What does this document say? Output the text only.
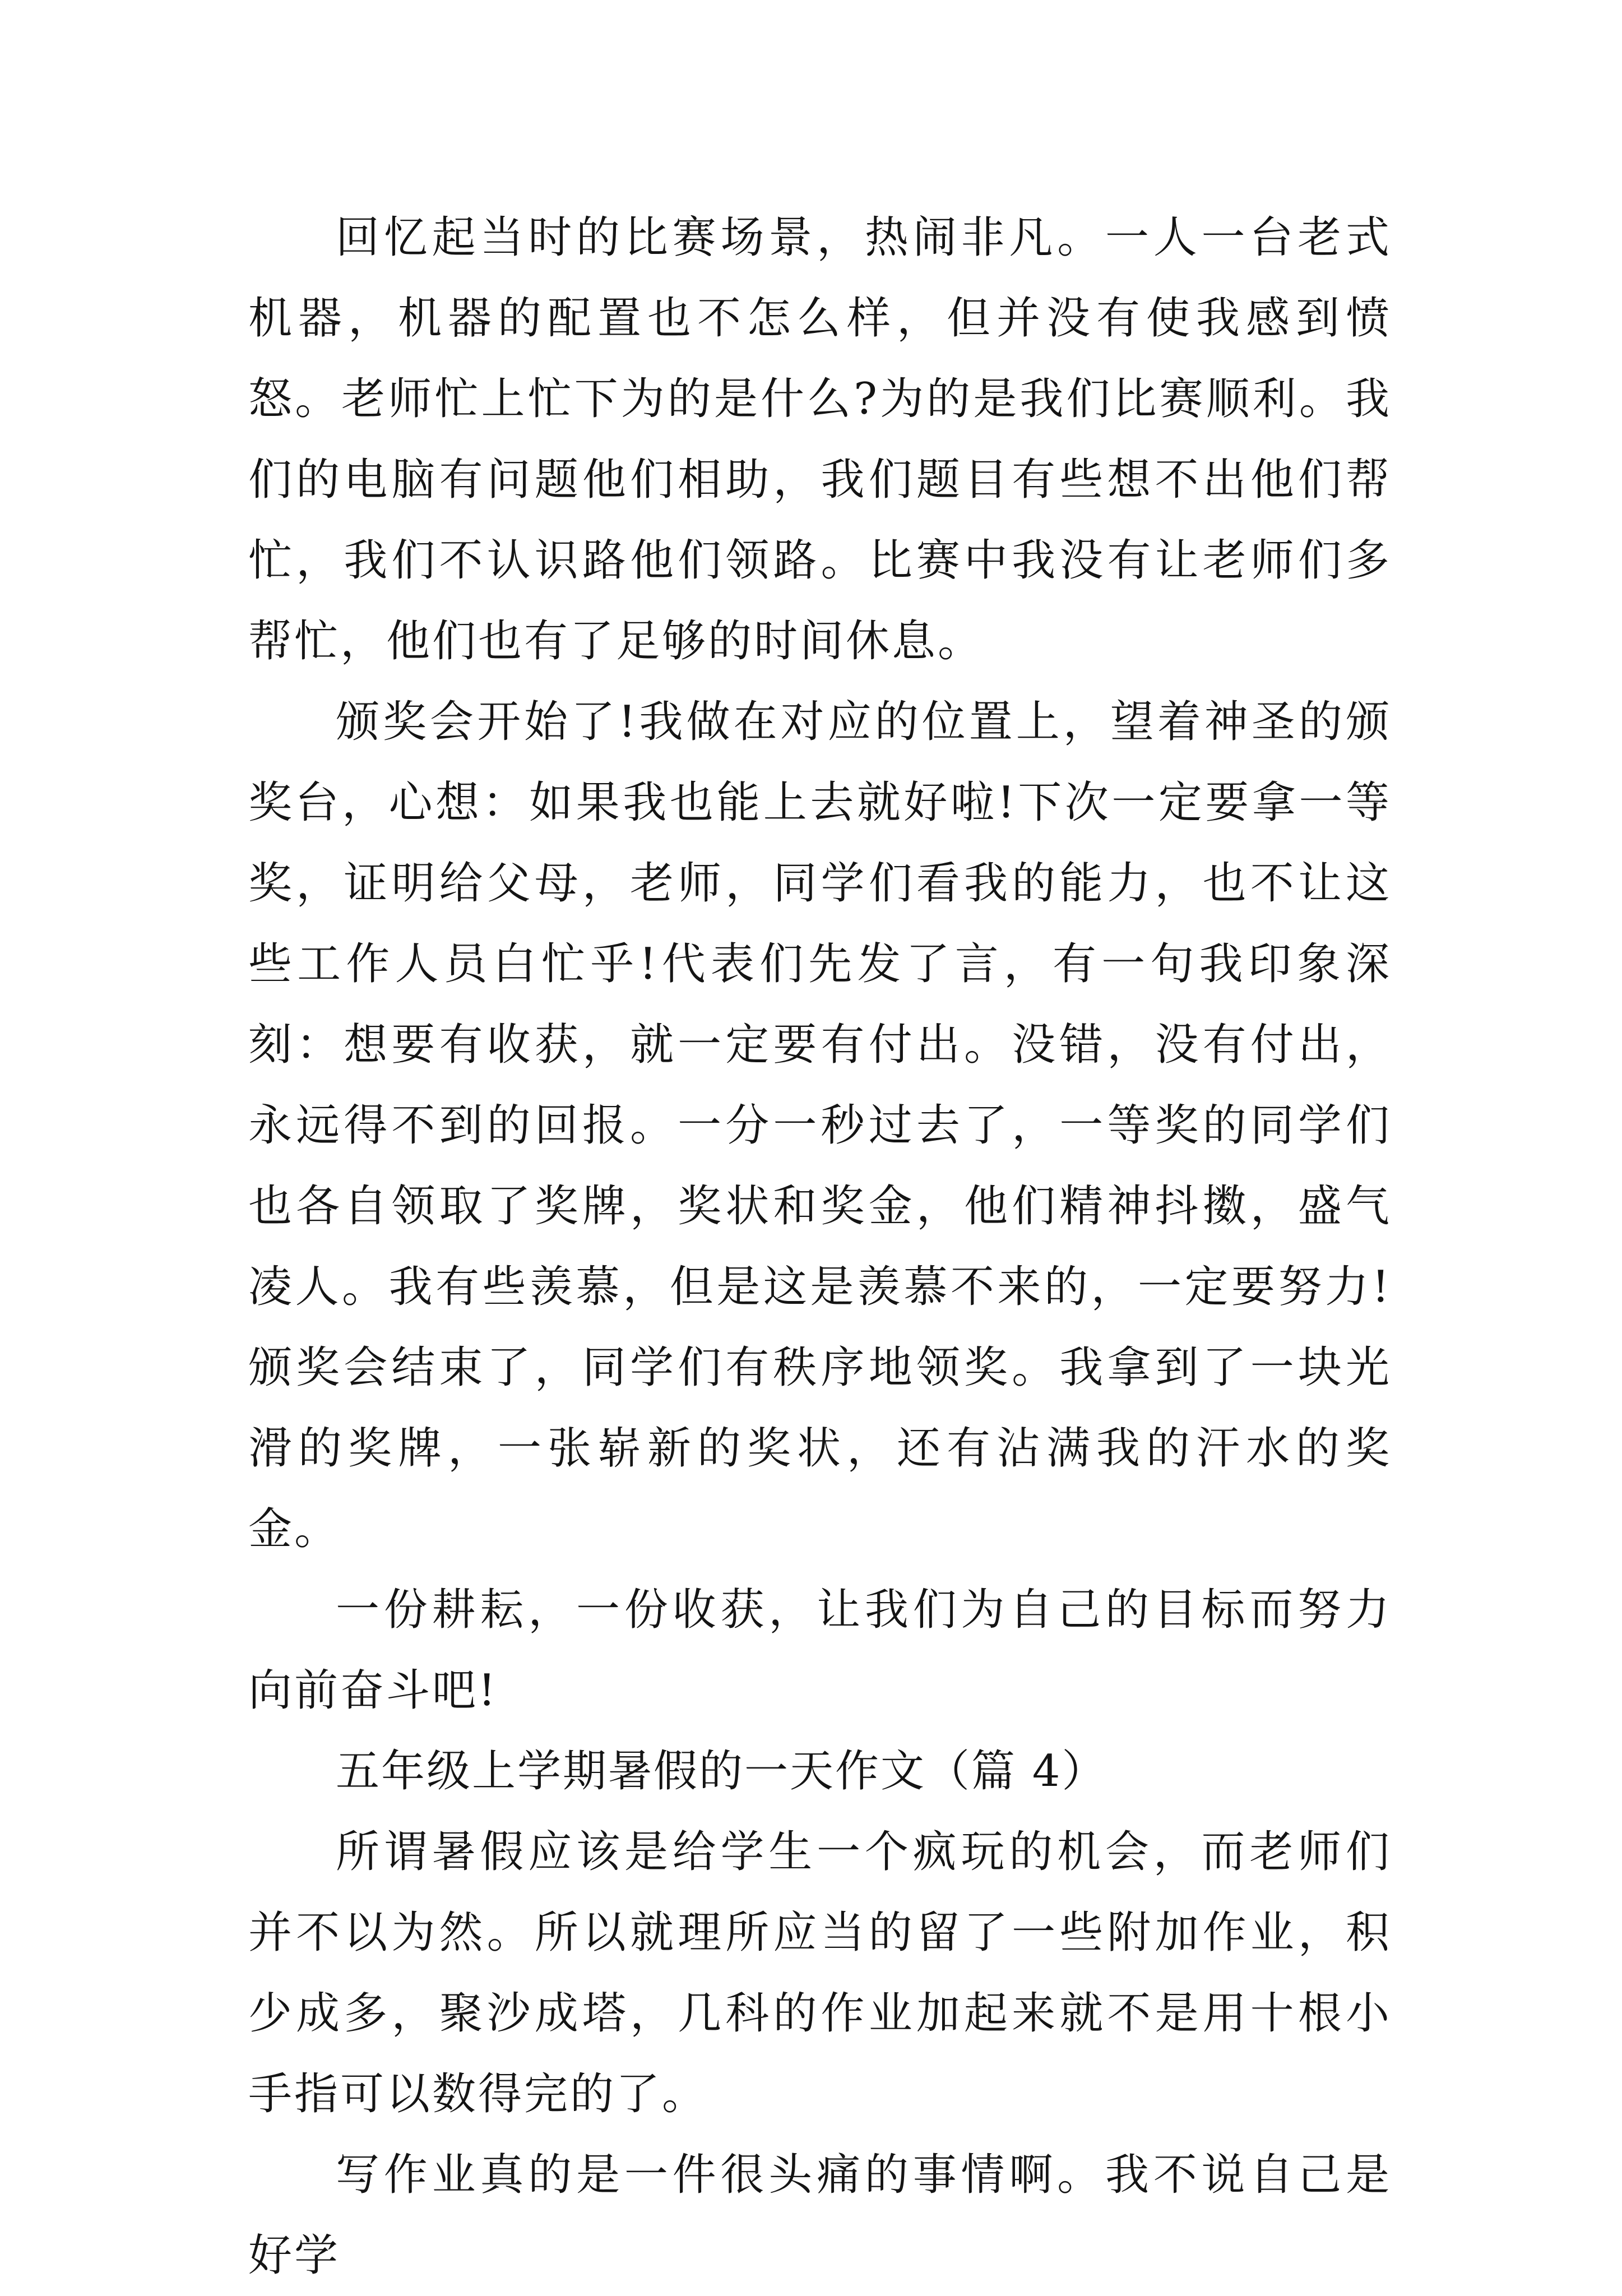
回忆起当时的比赛场景，热闹非凡。一人一台老式机器，机器的配置也不怎么样，但并没有使我感到愤怒。老师忙上忙下为的是什么?为的是我们比赛顺利。我们的电脑有问题他们相助，我们题目有些想不出他们帮忙，我们不认识路他们领路。比赛中我没有让老师们多帮忙，他们也有了足够的时间休息。

颁奖会开始了!我做在对应的位置上，望着神圣的颁奖台，心想：如果我也能上去就好啦!下次一定要拿一等奖，证明给父母，老师，同学们看我的能力，也不让这些工作人员白忙乎!代表们先发了言，有一句我印象深刻：想要有收获，就一定要有付出。没错，没有付出，永远得不到的回报。一分一秒过去了，一等奖的同学们也各自领取了奖牌，奖状和奖金，他们精神抖擞，盛气凌人。我有些羡慕，但是这是羡慕不来的，一定要努力!颁奖会结束了，同学们有秩序地领奖。我拿到了一块光滑的奖牌，一张崭新的奖状，还有沾满我的汗水的奖金。

一份耕耘，一份收获，让我们为自己的目标而努力向前奋斗吧!

五年级上学期暑假的一天作文（篇 4）

所谓暑假应该是给学生一个疯玩的机会，而老师们并不以为然。所以就理所应当的留了一些附加作业，积少成多，聚沙成塔，几科的作业加起来就不是用十根小手指可以数得完的了。

写作业真的是一件很头痛的事情啊。我不说自己是好学
